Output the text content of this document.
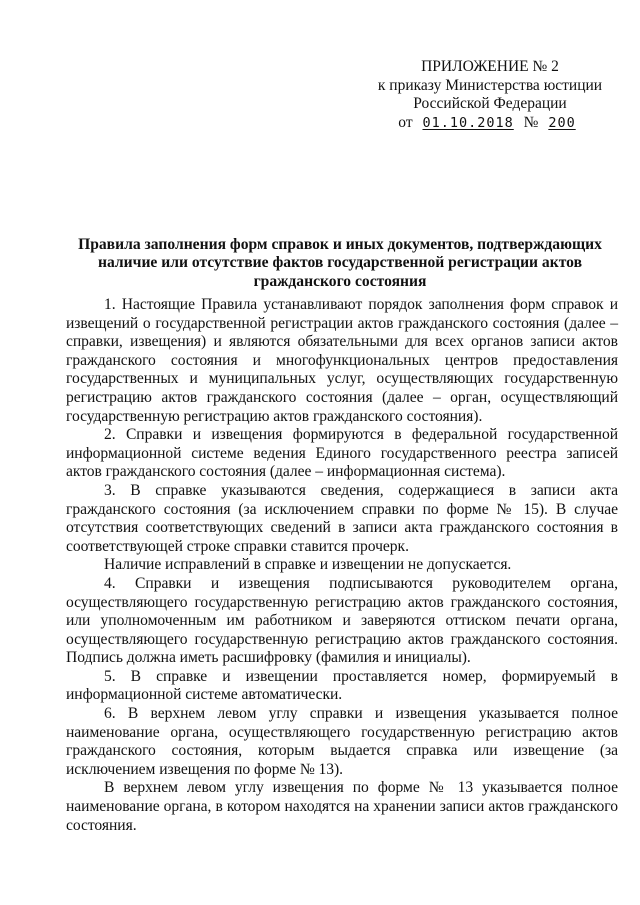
ПРИЛОЖЕНИЕ № 2
к приказу Министерства юстиции
Российской Федерации
от 01.10.2018 № 200
Правила заполнения форм справок и иных документов, подтверждающих
наличие или отсутствие фактов государственной регистрации актов
гражданского состояния

1. Настоящие Правила устанавливают порядок заполнения форм справок и извещений о государственной регистрации актов гражданского состояния (далее – справки, извещения) и являются обязательными для всех органов записи актов гражданского состояния и многофункциональных центров предоставления государственных и муниципальных услуг, осуществляющих государственную регистрацию актов гражданского состояния (далее – орган, осуществляющий государственную регистрацию актов гражданского состояния).

2. Справки и извещения формируются в федеральной государственной информационной системе ведения Единого государственного реестра записей актов гражданского состояния (далее – информационная система).

3. В справке указываются сведения, содержащиеся в записи акта гражданского состояния (за исключением справки по форме № 15). В случае отсутствия соответствующих сведений в записи акта гражданского состояния в соответствующей строке справки ставится прочерк.

Наличие исправлений в справке и извещении не допускается.

4. Справки и извещения подписываются руководителем органа, осуществляющего государственную регистрацию актов гражданского состояния, или уполномоченным им работником и заверяются оттиском печати органа, осуществляющего государственную регистрацию актов гражданского состояния. Подпись должна иметь расшифровку (фамилия и инициалы).

5. В справке и извещении проставляется номер, формируемый в информационной системе автоматически.

6. В верхнем левом углу справки и извещения указывается полное наименование органа, осуществляющего государственную регистрацию актов гражданского состояния, которым выдается справка или извещение (за исключением извещения по форме № 13).

В верхнем левом углу извещения по форме № 13 указывается полное наименование органа, в котором находятся на хранении записи актов гражданского состояния.
